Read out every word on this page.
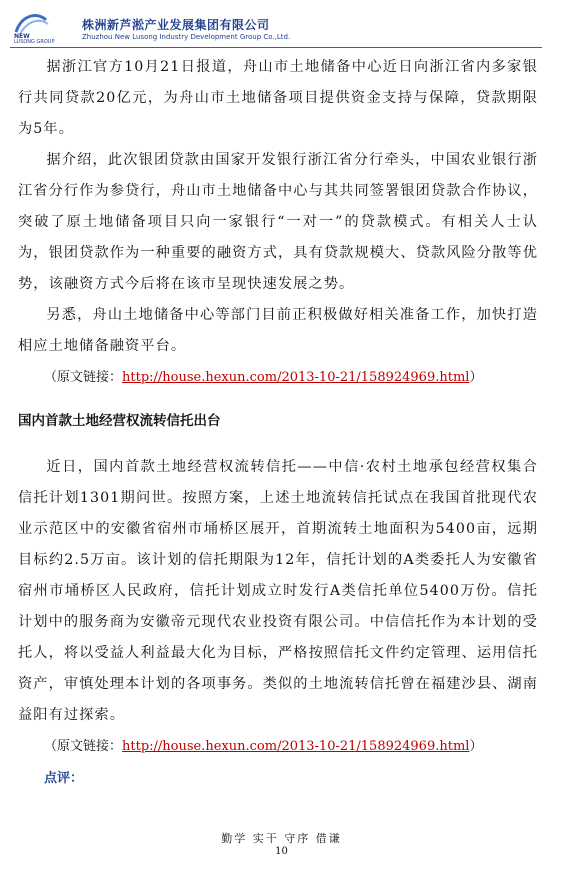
NEW
LUSONG GROUP
株洲新芦淞产业发展集团有限公司
Zhuzhou New Lusong Industry Development Group Co.,Ltd.

据浙江官方10月21日报道，舟山市土地储备中心近日向浙江省内多家银行共同贷款20亿元，为舟山市土地储备项目提供资金支持与保障，贷款期限为5年。

据介绍，此次银团贷款由国家开发银行浙江省分行牵头，中国农业银行浙江省分行作为参贷行，舟山市土地储备中心与其共同签署银团贷款合作协议，突破了原土地储备项目只向一家银行“一对一”的贷款模式。有相关人士认为，银团贷款作为一种重要的融资方式，具有贷款规模大、贷款风险分散等优势，该融资方式今后将在该市呈现快速发展之势。

另悉，舟山土地储备中心等部门目前正积极做好相关准备工作，加快打造相应土地储备融资平台。

（原文链接：http://house.hexun.com/2013-10-21/158924969.html）

国内首款土地经营权流转信托出台

近日，国内首款土地经营权流转信托——中信·农村土地承包经营权集合信托计划1301期问世。按照方案，上述土地流转信托试点在我国首批现代农业示范区中的安徽省宿州市埇桥区展开，首期流转土地面积为5400亩，远期目标约2.5万亩。该计划的信托期限为12年，信托计划的A类委托人为安徽省宿州市埇桥区人民政府，信托计划成立时发行A类信托单位5400万份。信托计划中的服务商为安徽帝元现代农业投资有限公司。中信信托作为本计划的受托人，将以受益人利益最大化为目标，严格按照信托文件约定管理、运用信托资产，审慎处理本计划的各项事务。类似的土地流转信托曾在福建沙县、湖南益阳有过探索。

（原文链接：http://house.hexun.com/2013-10-21/158924969.html）

点评：
勤学 实干 守序 借谦
10
